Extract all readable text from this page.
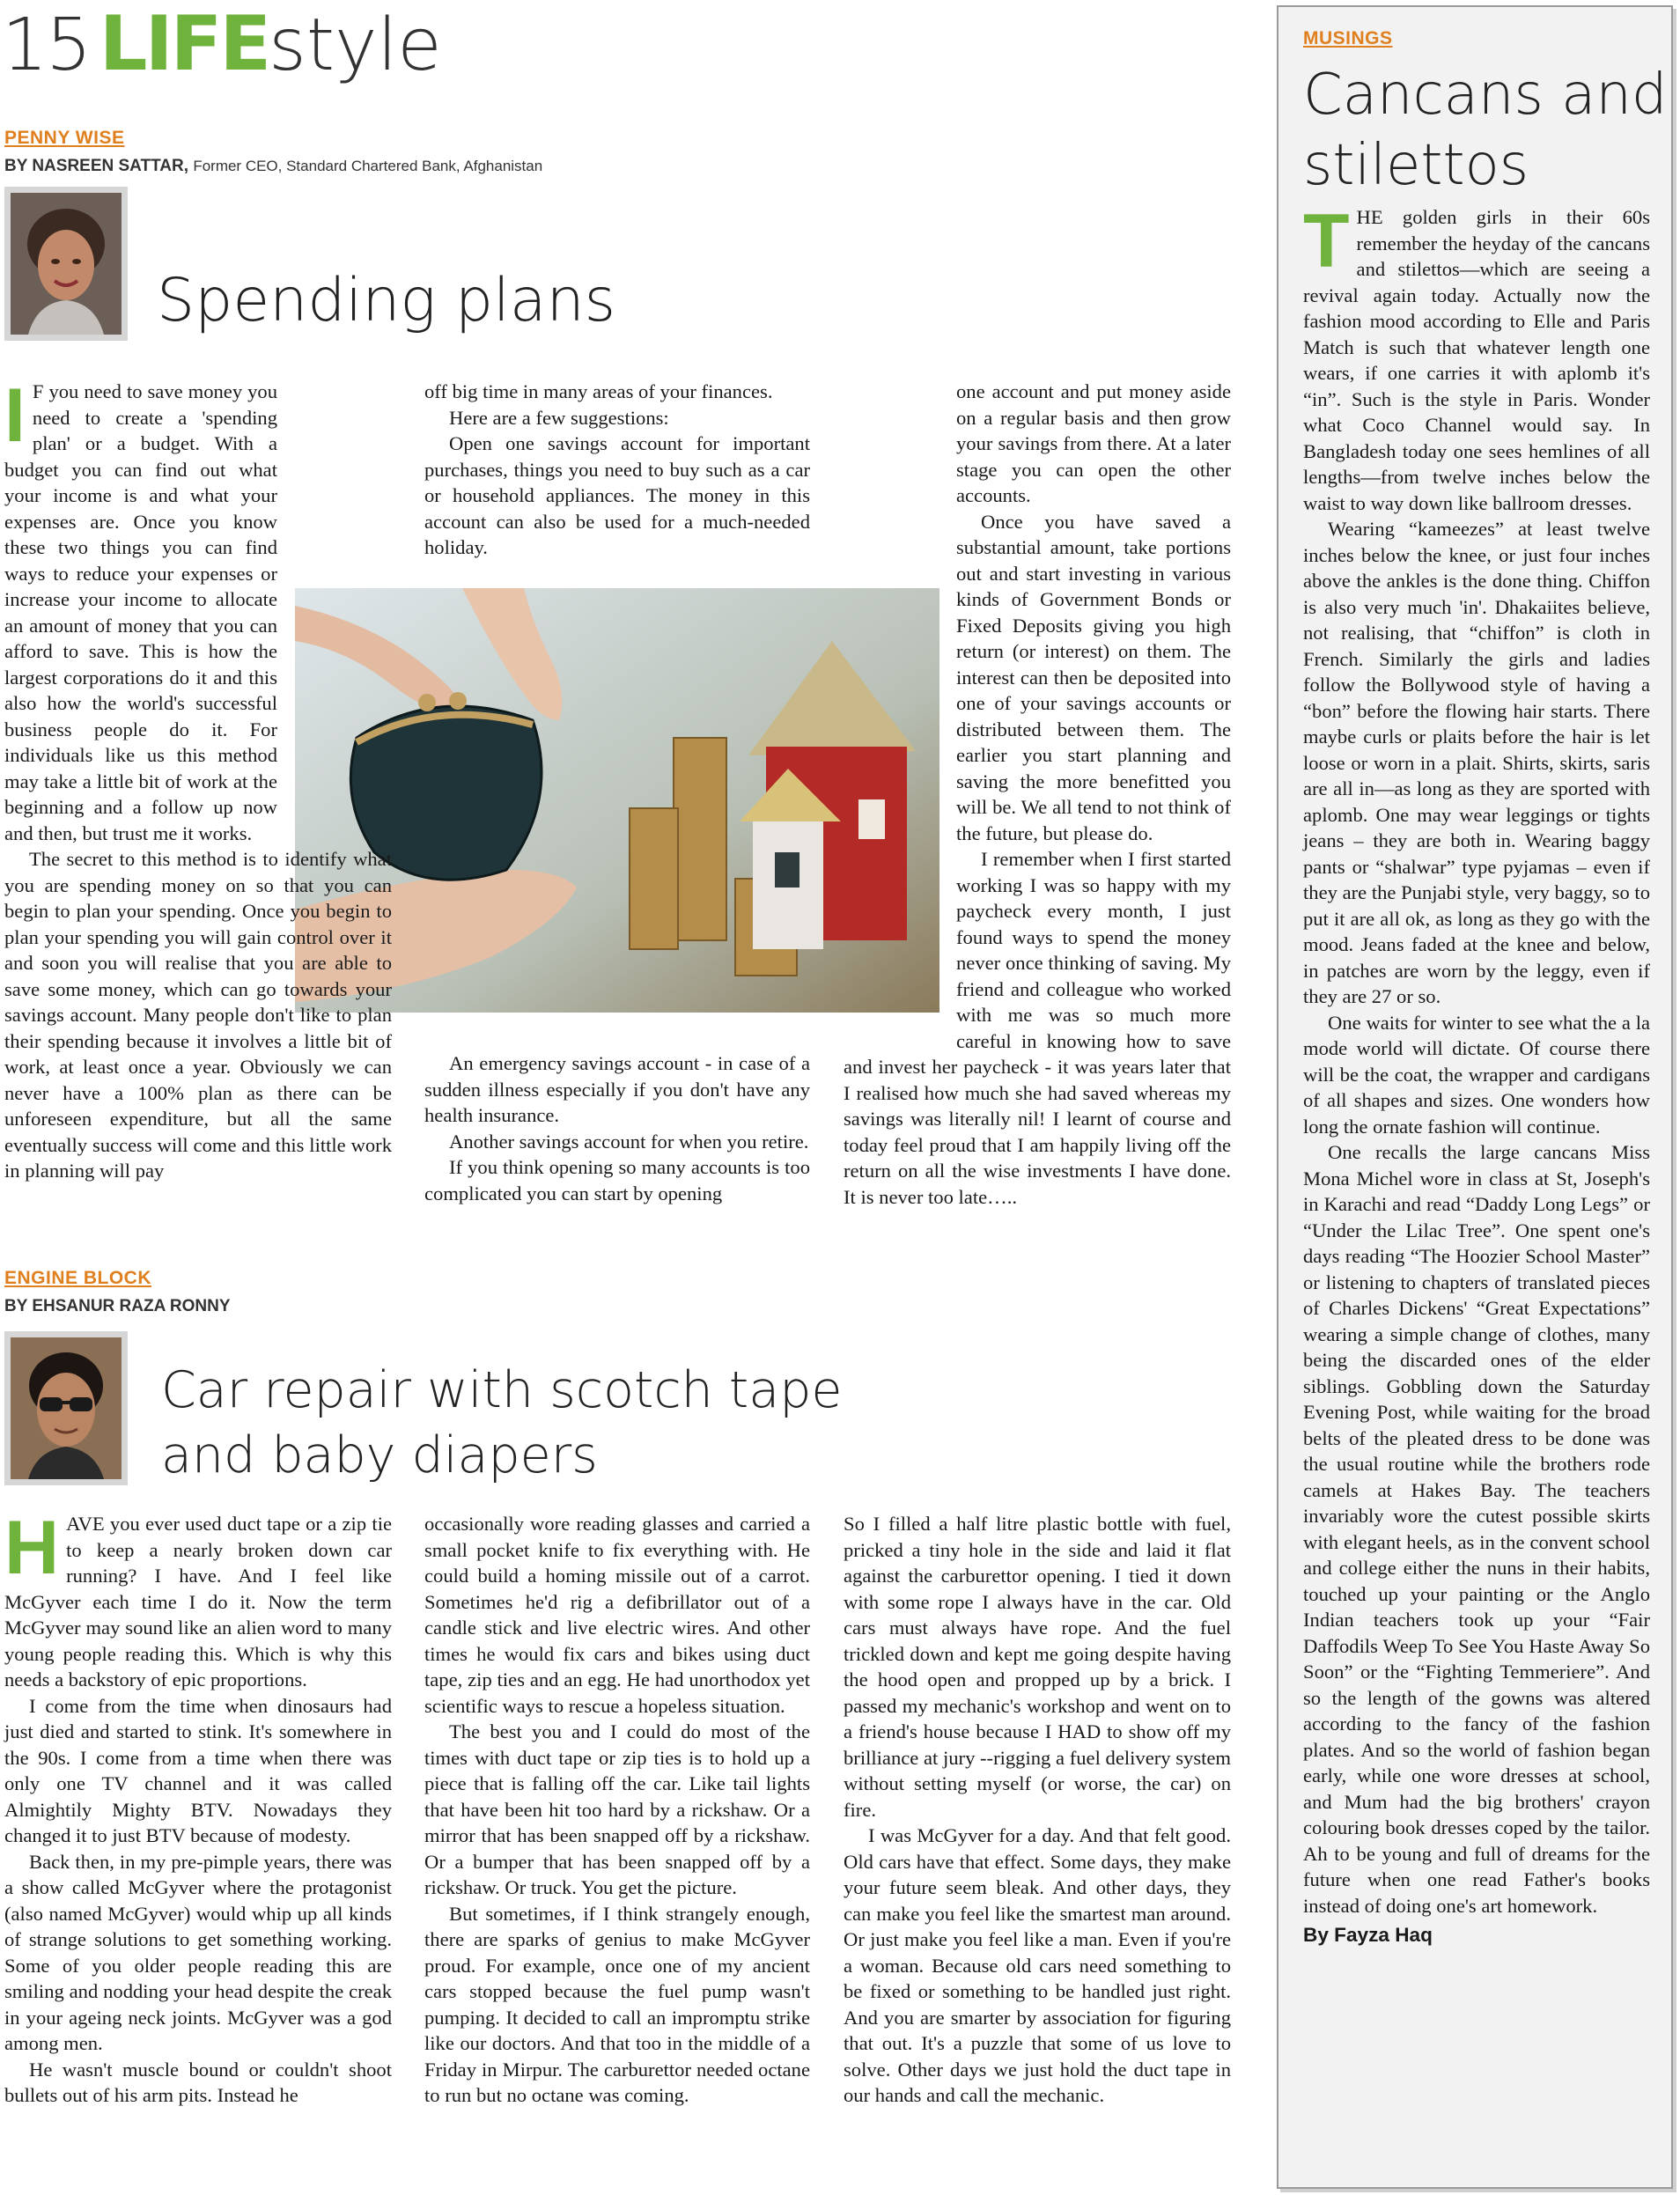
15 LIFEstyle
PENNY WISE
BY NASREEN SATTAR, Former CEO, Standard Chartered Bank, Afghanistan
Spending plans

I F you need to save money you need to create a 'spending plan' or a budget. With a budget you can find out what your income is and what your expenses are. Once you know these two things you can find ways to reduce your expenses or increase your income to allocate an amount of money that you can afford to save. This is how the largest corporations do it and this also how the world's successful business people do it. For individuals like us this method may take a little bit of work at the beginning and a follow up now and then, but trust me it works.

The secret to this method is to identify what you are spending money on so that you can begin to plan your spending. Once you begin to plan your spending you will gain control over it and soon you will realise that you are able to save some money, which can go towards your savings account. Many people don't like to plan their spending because it involves a little bit of work, at least once a year. Obviously we can never have a 100% plan as there can be unforeseen expenditure, but all the same eventually success will come and this little work in planning will pay

off big time in many areas of your finances.

Here are a few suggestions:

Open one savings account for important purchases, things you need to buy such as a car or household appliances. The money in this account can also be used for a much-needed holiday.

An emergency savings account - in case of a sudden illness especially if you don't have any health insurance.

Another savings account for when you retire.

If you think opening so many accounts is too complicated you can start by opening

one account and put money aside on a regular basis and then grow your savings from there. At a later stage you can open the other accounts.

Once you have saved a substantial amount, take portions out and start investing in various kinds of Government Bonds or Fixed Deposits giving you high return (or interest) on them. The interest can then be deposited into one of your savings accounts or distributed between them. The earlier you start planning and saving the more benefitted you will be. We all tend to not think of the future, but please do.

I remember when I first started working I was so happy with my paycheck every month, I just found ways to spend the money never once thinking of saving. My friend and colleague who worked with me was so much more careful in knowing how to save and invest her paycheck - it was years later that I realised how much she had saved whereas my savings was literally nil! I learnt of course and today feel proud that I am happily living off the return on all the wise investments I have done. It is never too late…..

ENGINE BLOCK
BY EHSANUR RAZA RONNY
Car repair with scotch tape
and baby diapers

HAVE you ever used duct tape or a zip tie to keep a nearly broken down car running? I have. And I feel like McGyver each time I do it. Now the term McGyver may sound like an alien word to many young people reading this. Which is why this needs a backstory of epic proportions.

I come from the time when dinosaurs had just died and started to stink. It's somewhere in the 90s. I come from a time when there was only one TV channel and it was called Almightily Mighty BTV. Nowadays they changed it to just BTV because of modesty.

Back then, in my pre-pimple years, there was a show called McGyver where the protagonist (also named McGyver) would whip up all kinds of strange solutions to get something working. Some of you older people reading this are smiling and nodding your head despite the creak in your ageing neck joints. McGyver was a god among men.

He wasn't muscle bound or couldn't shoot bullets out of his arm pits. Instead he

occasionally wore reading glasses and carried a small pocket knife to fix everything with. He could build a homing missile out of a carrot. Sometimes he'd rig a defibrillator out of a candle stick and live electric wires. And other times he would fix cars and bikes using duct tape, zip ties and an egg. He had unorthodox yet scientific ways to rescue a hopeless situation.

The best you and I could do most of the times with duct tape or zip ties is to hold up a piece that is falling off the car. Like tail lights that have been hit too hard by a rickshaw. Or a mirror that has been snapped off by a rickshaw. Or a bumper that has been snapped off by a rickshaw. Or truck. You get the picture.

But sometimes, if I think strangely enough, there are sparks of genius to make McGyver proud. For example, once one of my ancient cars stopped because the fuel pump wasn't pumping. It decided to call an impromptu strike like our doctors. And that too in the middle of a Friday in Mirpur. The carburettor needed octane to run but no octane was coming.

So I filled a half litre plastic bottle with fuel, pricked a tiny hole in the side and laid it flat against the carburettor opening. I tied it down with some rope I always have in the car. Old cars must always have rope. And the fuel trickled down and kept me going despite having the hood open and propped up by a brick. I passed my mechanic's workshop and went on to a friend's house because I HAD to show off my brilliance at jury --rigging a fuel delivery system without setting myself (or worse, the car) on fire.

I was McGyver for a day. And that felt good. Old cars have that effect. Some days, they make your future seem bleak. And other days, they can make you feel like the smartest man around. Or just make you feel like a man. Even if you're a woman. Because old cars need something to be fixed or something to be handled just right. And you are smarter by association for figuring that out. It's a puzzle that some of us love to solve. Other days we just hold the duct tape in our hands and call the mechanic.

MUSINGS
Cancans and
stilettos

THE golden girls in their 60s remember the heyday of the cancans and stilettos—which are seeing a revival again today. Actually now the fashion mood according to Elle and Paris Match is such that whatever length one wears, if one carries it with aplomb it's “in”. Such is the style in Paris. Wonder what Coco Channel would say. In Bangladesh today one sees hemlines of all lengths—from twelve inches below the waist to way down like ballroom dresses.

Wearing “kameezes” at least twelve inches below the knee, or just four inches above the ankles is the done thing. Chiffon is also very much 'in'. Dhakaiites believe, not realising, that “chiffon” is cloth in French. Similarly the girls and ladies follow the Bollywood style of having a “bon” before the flowing hair starts. There maybe curls or plaits before the hair is let loose or worn in a plait. Shirts, skirts, saris are all in—as long as they are sported with aplomb. One may wear leggings or tights jeans – they are both in. Wearing baggy pants or “shalwar” type pyjamas – even if they are the Punjabi style, very baggy, so to put it are all ok, as long as they go with the mood. Jeans faded at the knee and below, in patches are worn by the leggy, even if they are 27 or so.

One waits for winter to see what the a la mode world will dictate. Of course there will be the coat, the wrapper and cardigans of all shapes and sizes. One wonders how long the ornate fashion will continue.

One recalls the large cancans Miss Mona Michel wore in class at St, Joseph's in Karachi and read “Daddy Long Legs” or “Under the Lilac Tree”. One spent one's days reading “The Hoozier School Master” or listening to chapters of translated pieces of Charles Dickens' “Great Expectations” wearing a simple change of clothes, many being the discarded ones of the elder siblings. Gobbling down the Saturday Evening Post, while waiting for the broad belts of the pleated dress to be done was the usual routine while the brothers rode camels at Hakes Bay. The teachers invariably wore the cutest possible skirts with elegant heels, as in the convent school and college either the nuns in their habits, touched up your painting or the Anglo Indian teachers took up your “Fair Daffodils Weep To See You Haste Away So Soon” or the “Fighting Temmeriere”. And so the length of the gowns was altered according to the fancy of the fashion plates. And so the world of fashion began early, while one wore dresses at school, and Mum had the big brothers' crayon colouring book dresses coped by the tailor. Ah to be young and full of dreams for the future when one read Father's books instead of doing one's art homework.

By Fayza Haq
